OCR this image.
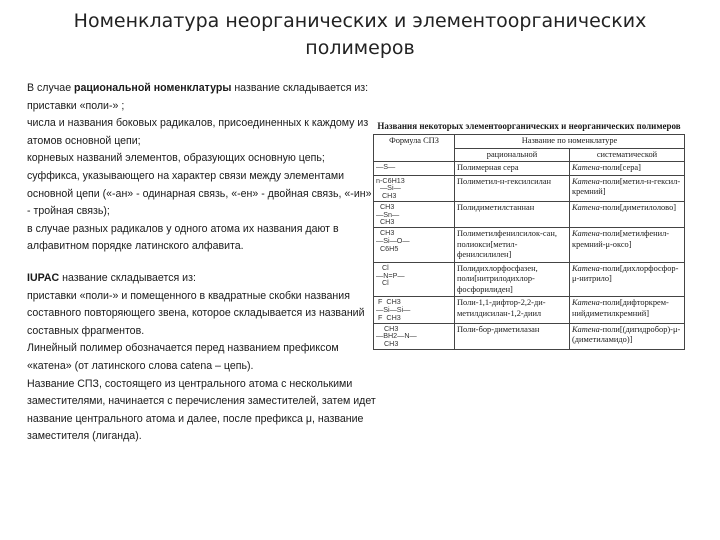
Номенклатура неорганических и элементоорганических
полимеров

В случае рациональной номенклатуры название складывается из:

приставки «поли-» ;

числа и названия боковых радикалов, присоединенных к каждому из атомов основной цепи;

корневых названий элементов, образующих основную цепь;

суффикса, указывающего на характер связи между элементами основной цепи («-ан» - одинарная связь, «-ен» - двойная связь, «-ин» - тройная связь);

в случае разных радикалов у одного атома их названия дают в алфавитном порядке латинского алфавита.

IUPAC название складывается из:

приставки «поли-» и помещенного в квадратные скобки названия составного повторяющего звена, которое складывается из названий составных фрагментов.

Линейный полимер обозначается перед названием префиксом «катена» (от латинского слова catena – цепь).

Название СПЗ, состоящего из центрального атома с несколькими заместителями, начинается с перечисления заместителей, затем идет название центрального атома и далее, после префикса μ, название заместителя (лиганда).

Названия некоторых элементоорганических и неорганических полимеров
Формула СПЗ	Название по номенклатуре	
	рациональной	систематической
—S—	Полимерная сера	Катена-поли[сера]
n-C6H13
—Si—
CH3	Полиметил-н-гексилсилан	Катена-поли[метил-н-гексил-кремний]
CH3
—Sn—
CH3	Полидиметилстаннан	Катена-поли[диметилолово]
CH3
—Si—O—
C6H5	Полиметилфенилсилок-сан, полиокси[метил-фенилсилилен]	Катена-поли[метилфенил-кремний-μ-оксо]
Cl
—N=P—
Cl	Полидихлорфосфазен, поли[нитрилодихлор-фосфорилиден]	Катена-поли[дихлорфосфор-μ-нитрило]
F  CH3
—Si—Si—
F  CH3	Поли-1,1-дифтор-2,2-ди-метилдисилан-1,2-диил	Катена-поли[дифторкрем-нийдиметилкремний]
CH3
—BH2—N—
CH3	Поли-бор-диметилазан	Катена-поли[(дигидробор)-μ-(диметиламидо)]
